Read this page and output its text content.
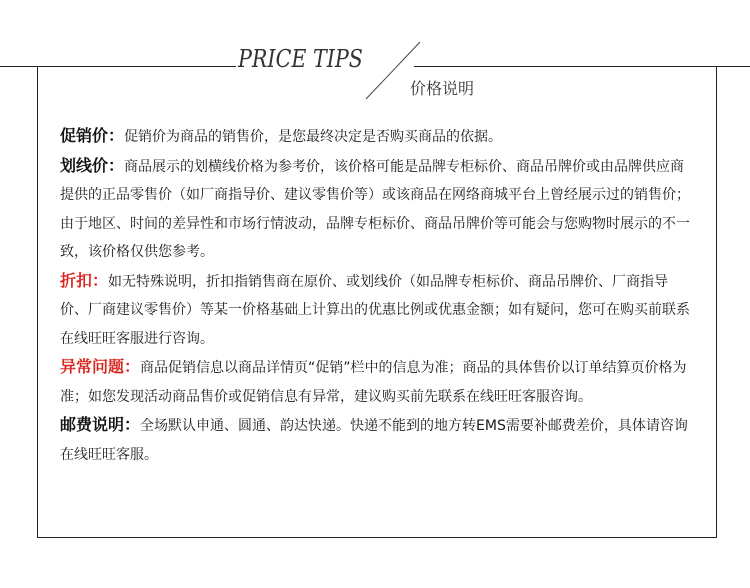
PRICE TIPS
价格说明

促销价：促销价为商品的销售价，是您最终决定是否购买商品的依据。

划线价：商品展示的划横线价格为参考价，该价格可能是品牌专柜标价、商品吊牌价或由品牌供应商提供的正品零售价（如厂商指导价、建议零售价等）或该商品在网络商城平台上曾经展示过的销售价；由于地区、时间的差异性和市场行情波动，品牌专柜标价、商品吊牌价等可能会与您购物时展示的不一致，该价格仅供您参考。

折扣：如无特殊说明，折扣指销售商在原价、或划线价（如品牌专柜标价、商品吊牌价、厂商指导价、厂商建议零售价）等某一价格基础上计算出的优惠比例或优惠金额；如有疑问，您可在购买前联系在线旺旺客服进行咨询。

异常问题：商品促销信息以商品详情页“促销”栏中的信息为准；商品的具体售价以订单结算页价格为准；如您发现活动商品售价或促销信息有异常，建议购买前先联系在线旺旺客服咨询。

邮费说明：全场默认申通、圆通、韵达快递。快递不能到的地方转EMS需要补邮费差价，具体请咨询在线旺旺客服。
